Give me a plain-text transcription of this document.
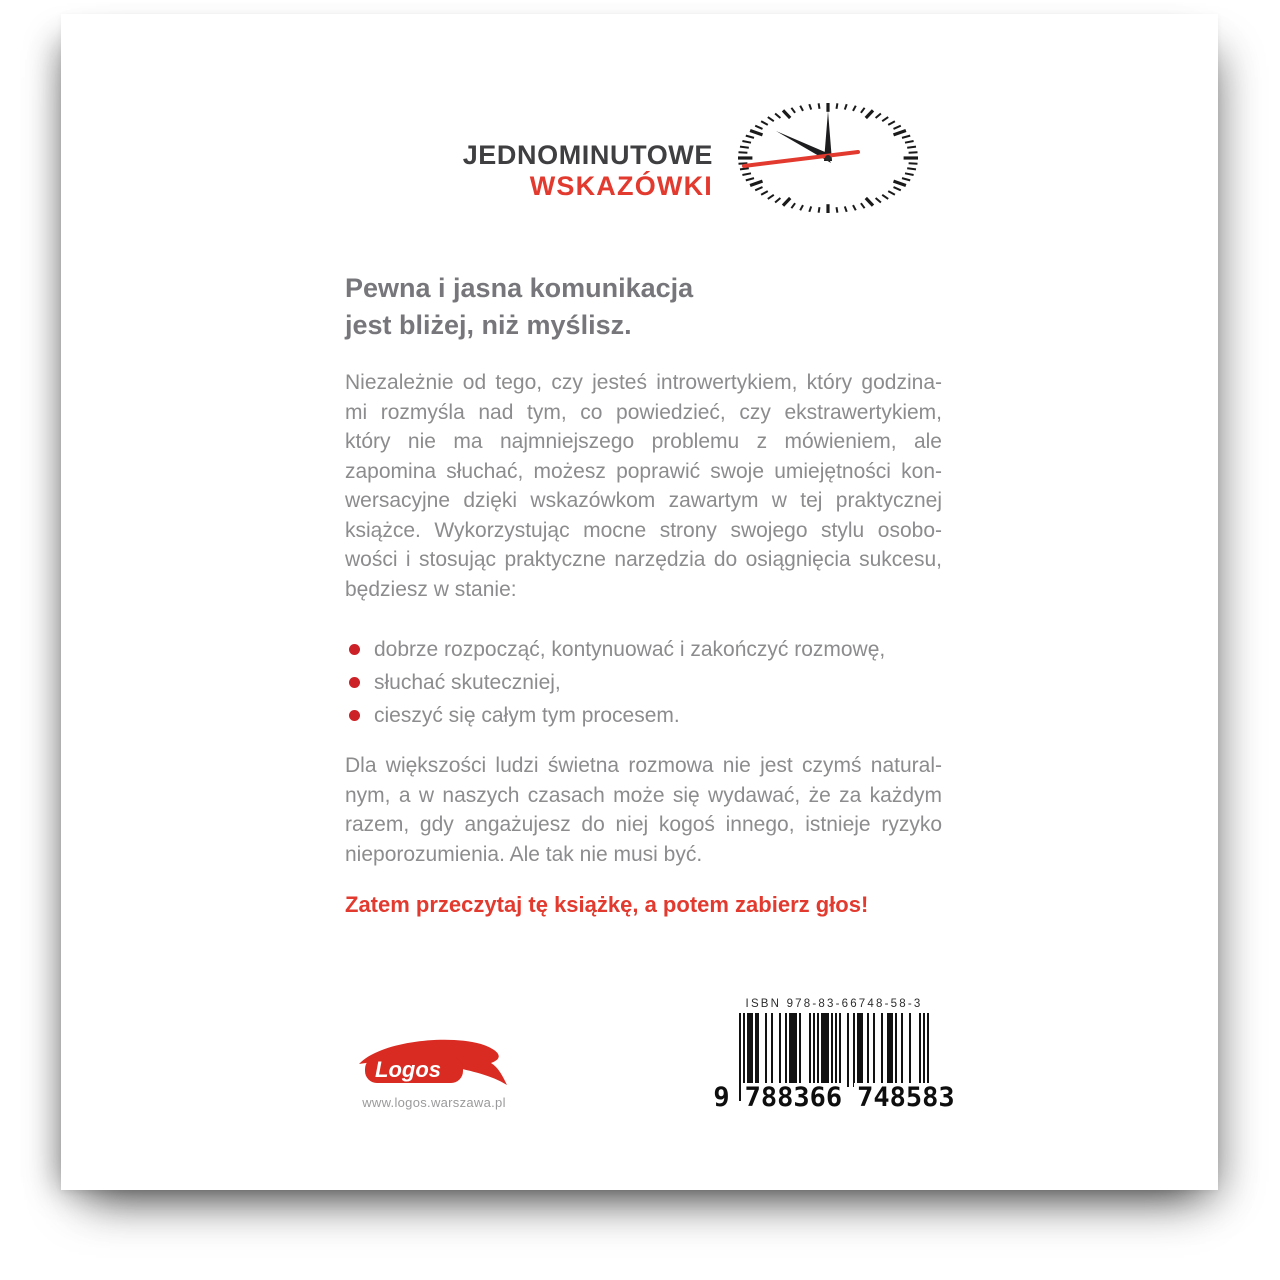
JEDNOMINUTOWE
WSKAZÓWKI
Pewna i jasna komunikacja
jest bliżej, niż myślisz.
Niezależnie od tego, czy jesteś introwertykiem, który godzina-
mi rozmyśla nad tym, co powiedzieć, czy ekstrawertykiem,
który nie ma najmniejszego problemu z mówieniem, ale
zapomina słuchać, możesz poprawić swoje umiejętności kon-
wersacyjne dzięki wskazówkom zawartym w tej praktycznej
książce. Wykorzystując mocne strony swojego stylu osobo-
wości i stosując praktyczne narzędzia do osiągnięcia sukcesu,
będziesz w stanie:
dobrze rozpocząć, kontynuować i zakończyć rozmowę,
słuchać skuteczniej,
cieszyć się całym tym procesem.
Dla większości ludzi świetna rozmowa nie jest czymś natural-
nym, a w naszych czasach może się wydawać, że za każdym
razem, gdy angażujesz do niej kogoś innego, istnieje ryzyko
nieporozumienia. Ale tak nie musi być.
Zatem przeczytaj tę książkę, a potem zabierz głos!
ISBN 978-83-66748-58-3
9 788366 748583
Logos
www.logos.warszawa.pl
